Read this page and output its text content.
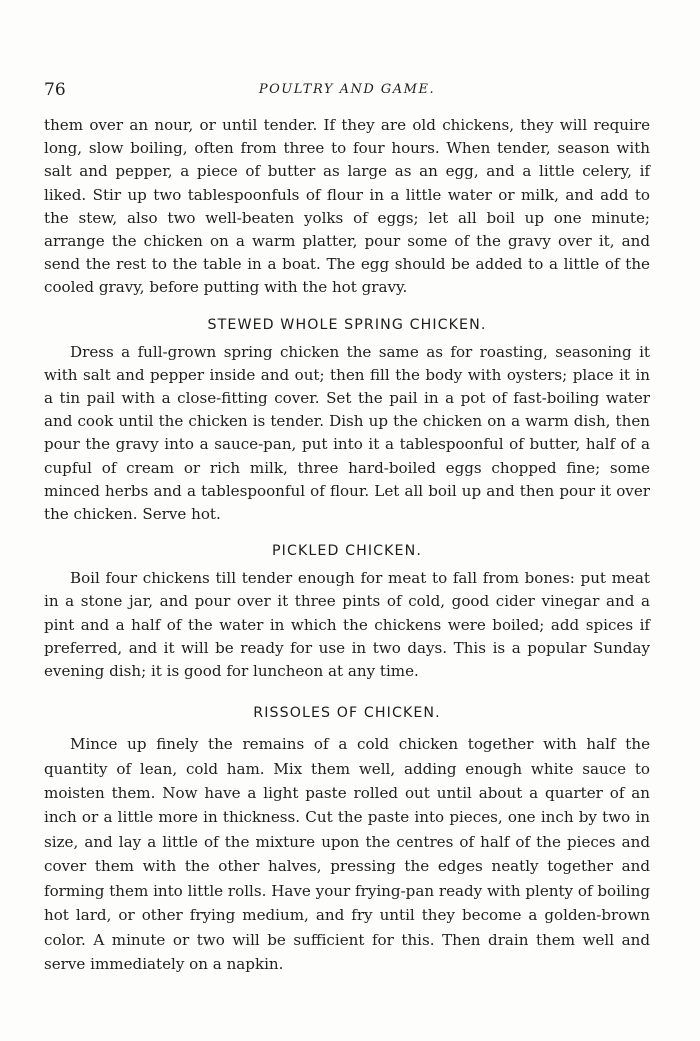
76	POULTRY AND GAME.

them over an nour, or until tender. If they are old chickens, they will require long, slow boiling, often from three to four hours. When tender, season with salt and pepper, a piece of butter as large as an egg, and a little celery, if liked. Stir up two tablespoonfuls of flour in a little water or milk, and add to the stew, also two well-beaten yolks of eggs; let all boil up one minute; arrange the chicken on a warm platter, pour some of the gravy over it, and send the rest to the table in a boat. The egg should be added to a little of the cooled gravy, before putting with the hot gravy.

STEWED WHOLE SPRING CHICKEN.

Dress a full-grown spring chicken the same as for roasting, seasoning it with salt and pepper inside and out; then fill the body with oysters; place it in a tin pail with a close-fitting cover. Set the pail in a pot of fast-boiling water and cook until the chicken is tender. Dish up the chicken on a warm dish, then pour the gravy into a sauce-pan, put into it a tablespoonful of butter, half of a cupful of cream or rich milk, three hard-boiled eggs chopped fine; some minced herbs and a tablespoonful of flour. Let all boil up and then pour it over the chicken. Serve hot.

PICKLED CHICKEN.

Boil four chickens till tender enough for meat to fall from bones: put meat in a stone jar, and pour over it three pints of cold, good cider vinegar and a pint and a half of the water in which the chickens were boiled; add spices if preferred, and it will be ready for use in two days. This is a popular Sunday evening dish; it is good for luncheon at any time.

RISSOLES OF CHICKEN.

Mince up finely the remains of a cold chicken together with half the quantity of lean, cold ham. Mix them well, adding enough white sauce to moisten them. Now have a light paste rolled out until about a quarter of an inch or a little more in thickness. Cut the paste into pieces, one inch by two in size, and lay a little of the mixture upon the centres of half of the pieces and cover them with the other halves, pressing the edges neatly together and forming them into little rolls. Have your frying-pan ready with plenty of boiling hot lard, or other frying medium, and fry until they become a golden-brown color. A minute or two will be sufficient for this. Then drain them well and serve immediately on a napkin.
